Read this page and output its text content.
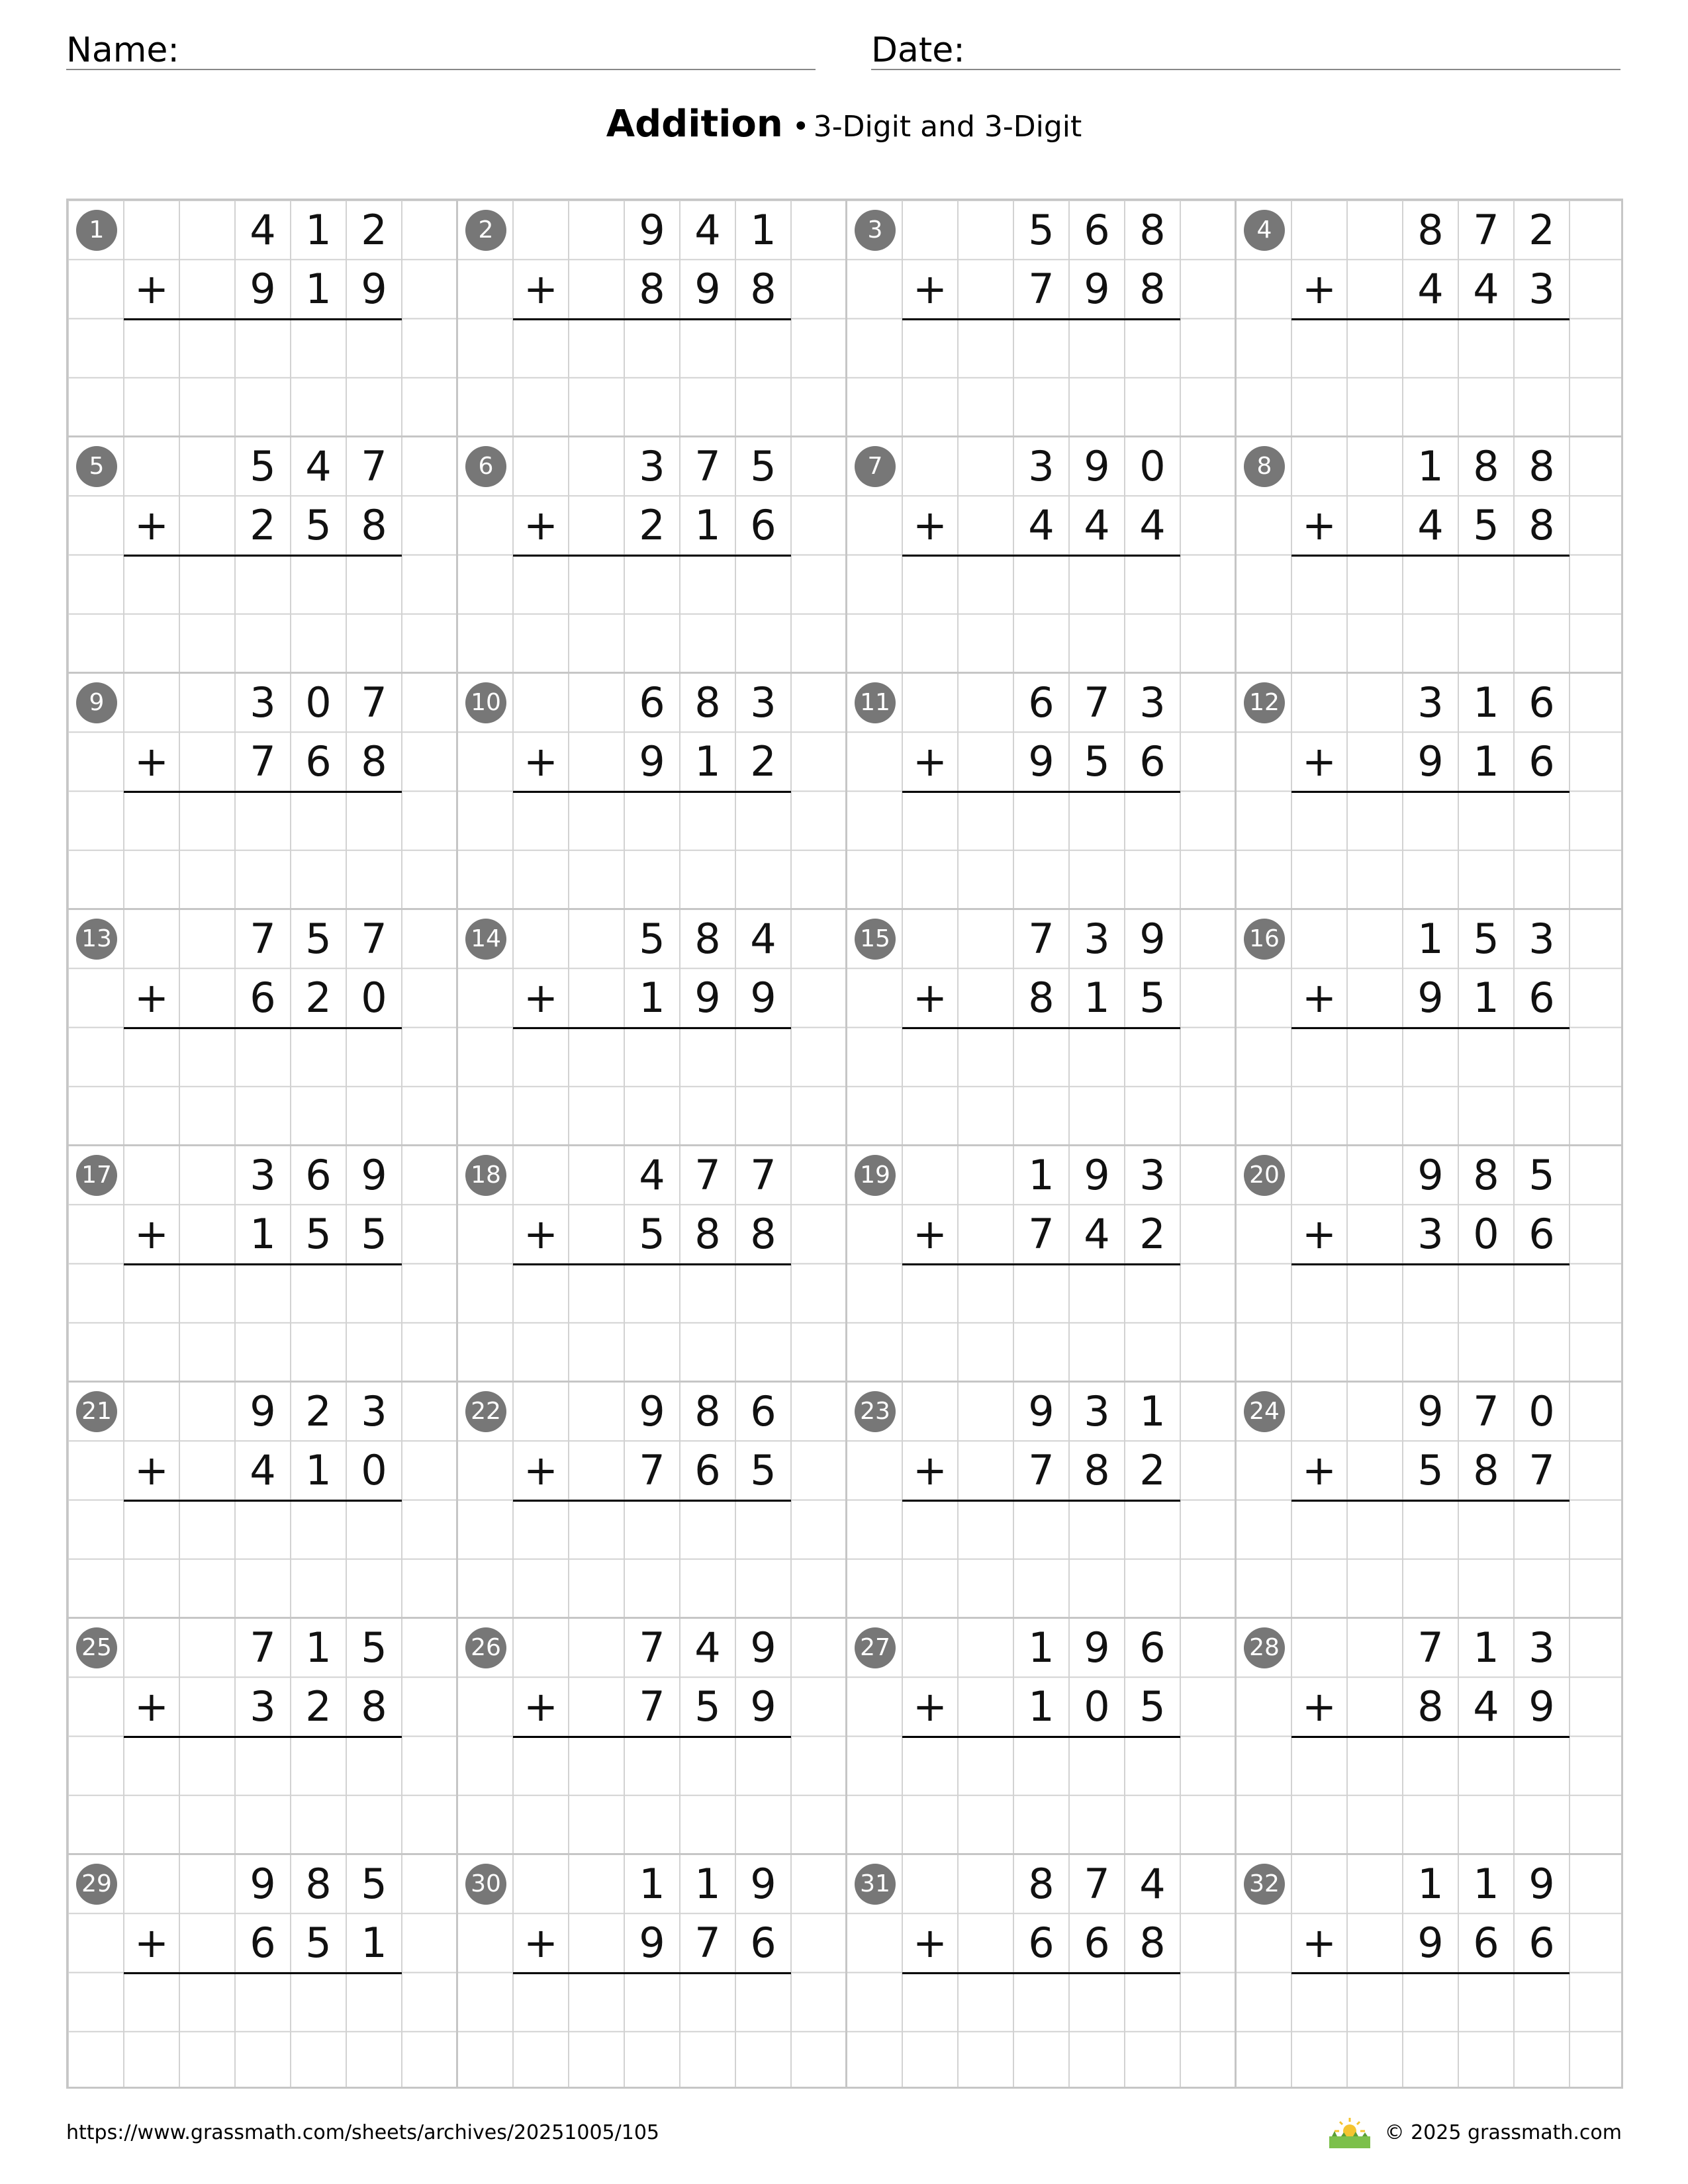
Name:	Date:
Addition • 3-Digit and 3-Digit
1
+
4 1 2
9 1 9
2
+
9 4 1
8 9 8
3
+
5 6 8
7 9 8
4
+
8 7 2
4 4 3
5
+
5 4 7
2 5 8
6
+
3 7 5
2 1 6
7
+
3 9 0
4 4 4
8
+
1 8 8
4 5 8
9
+
3 0 7
7 6 8
10
+
6 8 3
9 1 2
11
+
6 7 3
9 5 6
12
+
3 1 6
9 1 6
13
+
7 5 7
6 2 0
14
+
5 8 4
1 9 9
15
+
7 3 9
8 1 5
16
+
1 5 3
9 1 6
17
+
3 6 9
1 5 5
18
+
4 7 7
5 8 8
19
+
1 9 3
7 4 2
20
+
9 8 5
3 0 6
21
+
9 2 3
4 1 0
22
+
9 8 6
7 6 5
23
+
9 3 1
7 8 2
24
+
9 7 0
5 8 7
25
+
7 1 5
3 2 8
26
+
7 4 9
7 5 9
27
+
1 9 6
1 0 5
28
+
7 1 3
8 4 9
29
+
9 8 5
6 5 1
30
+
1 1 9
9 7 6
31
+
8 7 4
6 6 8
32
+
1 1 9
9 6 6
https://www.grassmath.com/sheets/archives/20251005/105	© 2025 grassmath.com
